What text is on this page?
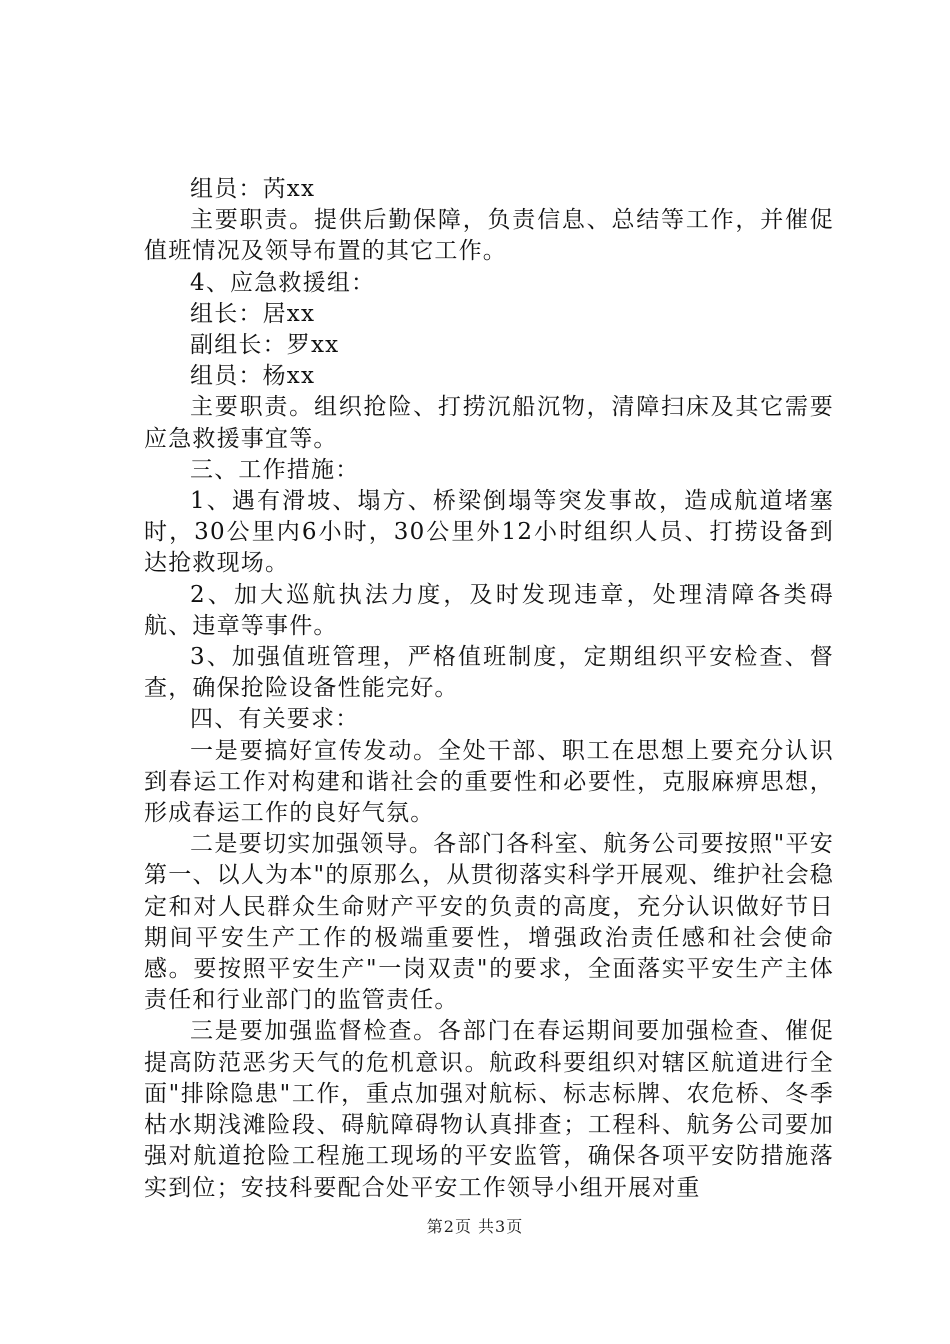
组员：芮xx

主要职责。提供后勤保障，负责信息、总结等工作，并催促值班情况及领导布置的其它工作。

4、应急救援组：

组长：居xx

副组长：罗xx

组员：杨xx

主要职责。组织抢险、打捞沉船沉物，清障扫床及其它需要应急救援事宜等。

三、工作措施：

1、遇有滑坡、塌方、桥梁倒塌等突发事故，造成航道堵塞时，30公里内6小时，30公里外12小时组织人员、打捞设备到达抢救现场。

2、加大巡航执法力度，及时发现违章，处理清障各类碍航、违章等事件。

3、加强值班管理，严格值班制度，定期组织平安检查、督查，确保抢险设备性能完好。

四、有关要求：

一是要搞好宣传发动。全处干部、职工在思想上要充分认识到春运工作对构建和谐社会的重要性和必要性，克服麻痹思想，形成春运工作的良好气氛。

二是要切实加强领导。各部门各科室、航务公司要按照"平安第一、以人为本"的原那么，从贯彻落实科学开展观、维护社会稳定和对人民群众生命财产平安的负责的高度，充分认识做好节日期间平安生产工作的极端重要性，增强政治责任感和社会使命感。要按照平安生产"一岗双责"的要求，全面落实平安生产主体责任和行业部门的监管责任。

三是要加强监督检查。各部门在春运期间要加强检查、催促提高防范恶劣天气的危机意识。航政科要组织对辖区航道进行全面"排除隐患"工作，重点加强对航标、标志标牌、农危桥、冬季枯水期浅滩险段、碍航障碍物认真排查；工程科、航务公司要加强对航道抢险工程施工现场的平安监管，确保各项平安防措施落实到位；安技科要配合处平安工作领导小组开展对重

第2页 共3页
